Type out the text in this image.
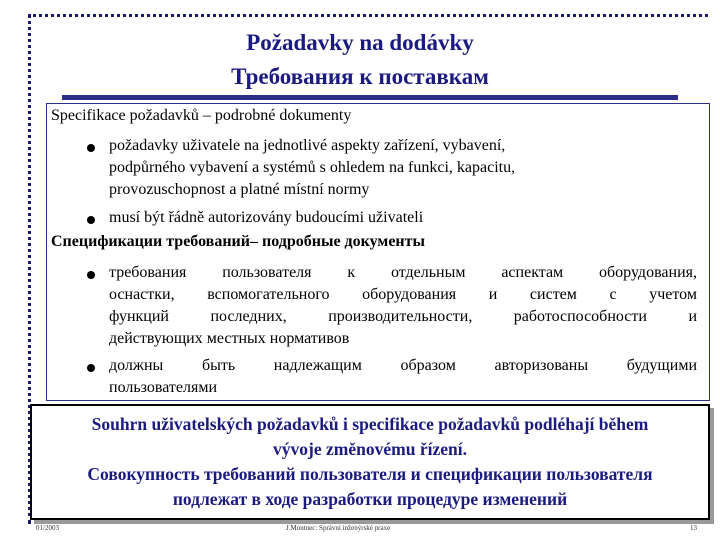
Požadavky na dodávky
Требования к поставкам
Specifikace požadavků – podrobné dokumenty
požadavky uživatele na jednotlivé aspekty zařízení, vybavení,
podpůrného vybavení a systémů s ohledem na funkci, kapacitu,
provozuschopnost a platné místní normy
musí být řádně autorizovány budoucími uživateli
Спецификации требований– подробные документы
требования пользователя к отдельным аспектам оборудования,
оснастки, вспомогательного оборудования и систем с учетом
функций последних, производительности, работоспособности и
действующих местных нормативов
должны быть надлежащим образом авторизованы будущими
пользователями
Souhrn uživatelských požadavků i specifikace požadavků podléhají během
vývoje změnovému řízení.
Совокупность требований пользователя и спецификации пользователя
подлежат в ходе разработки процедуре изменений
01/2003	J.Montnec: Správní inženýrské praxe	13
